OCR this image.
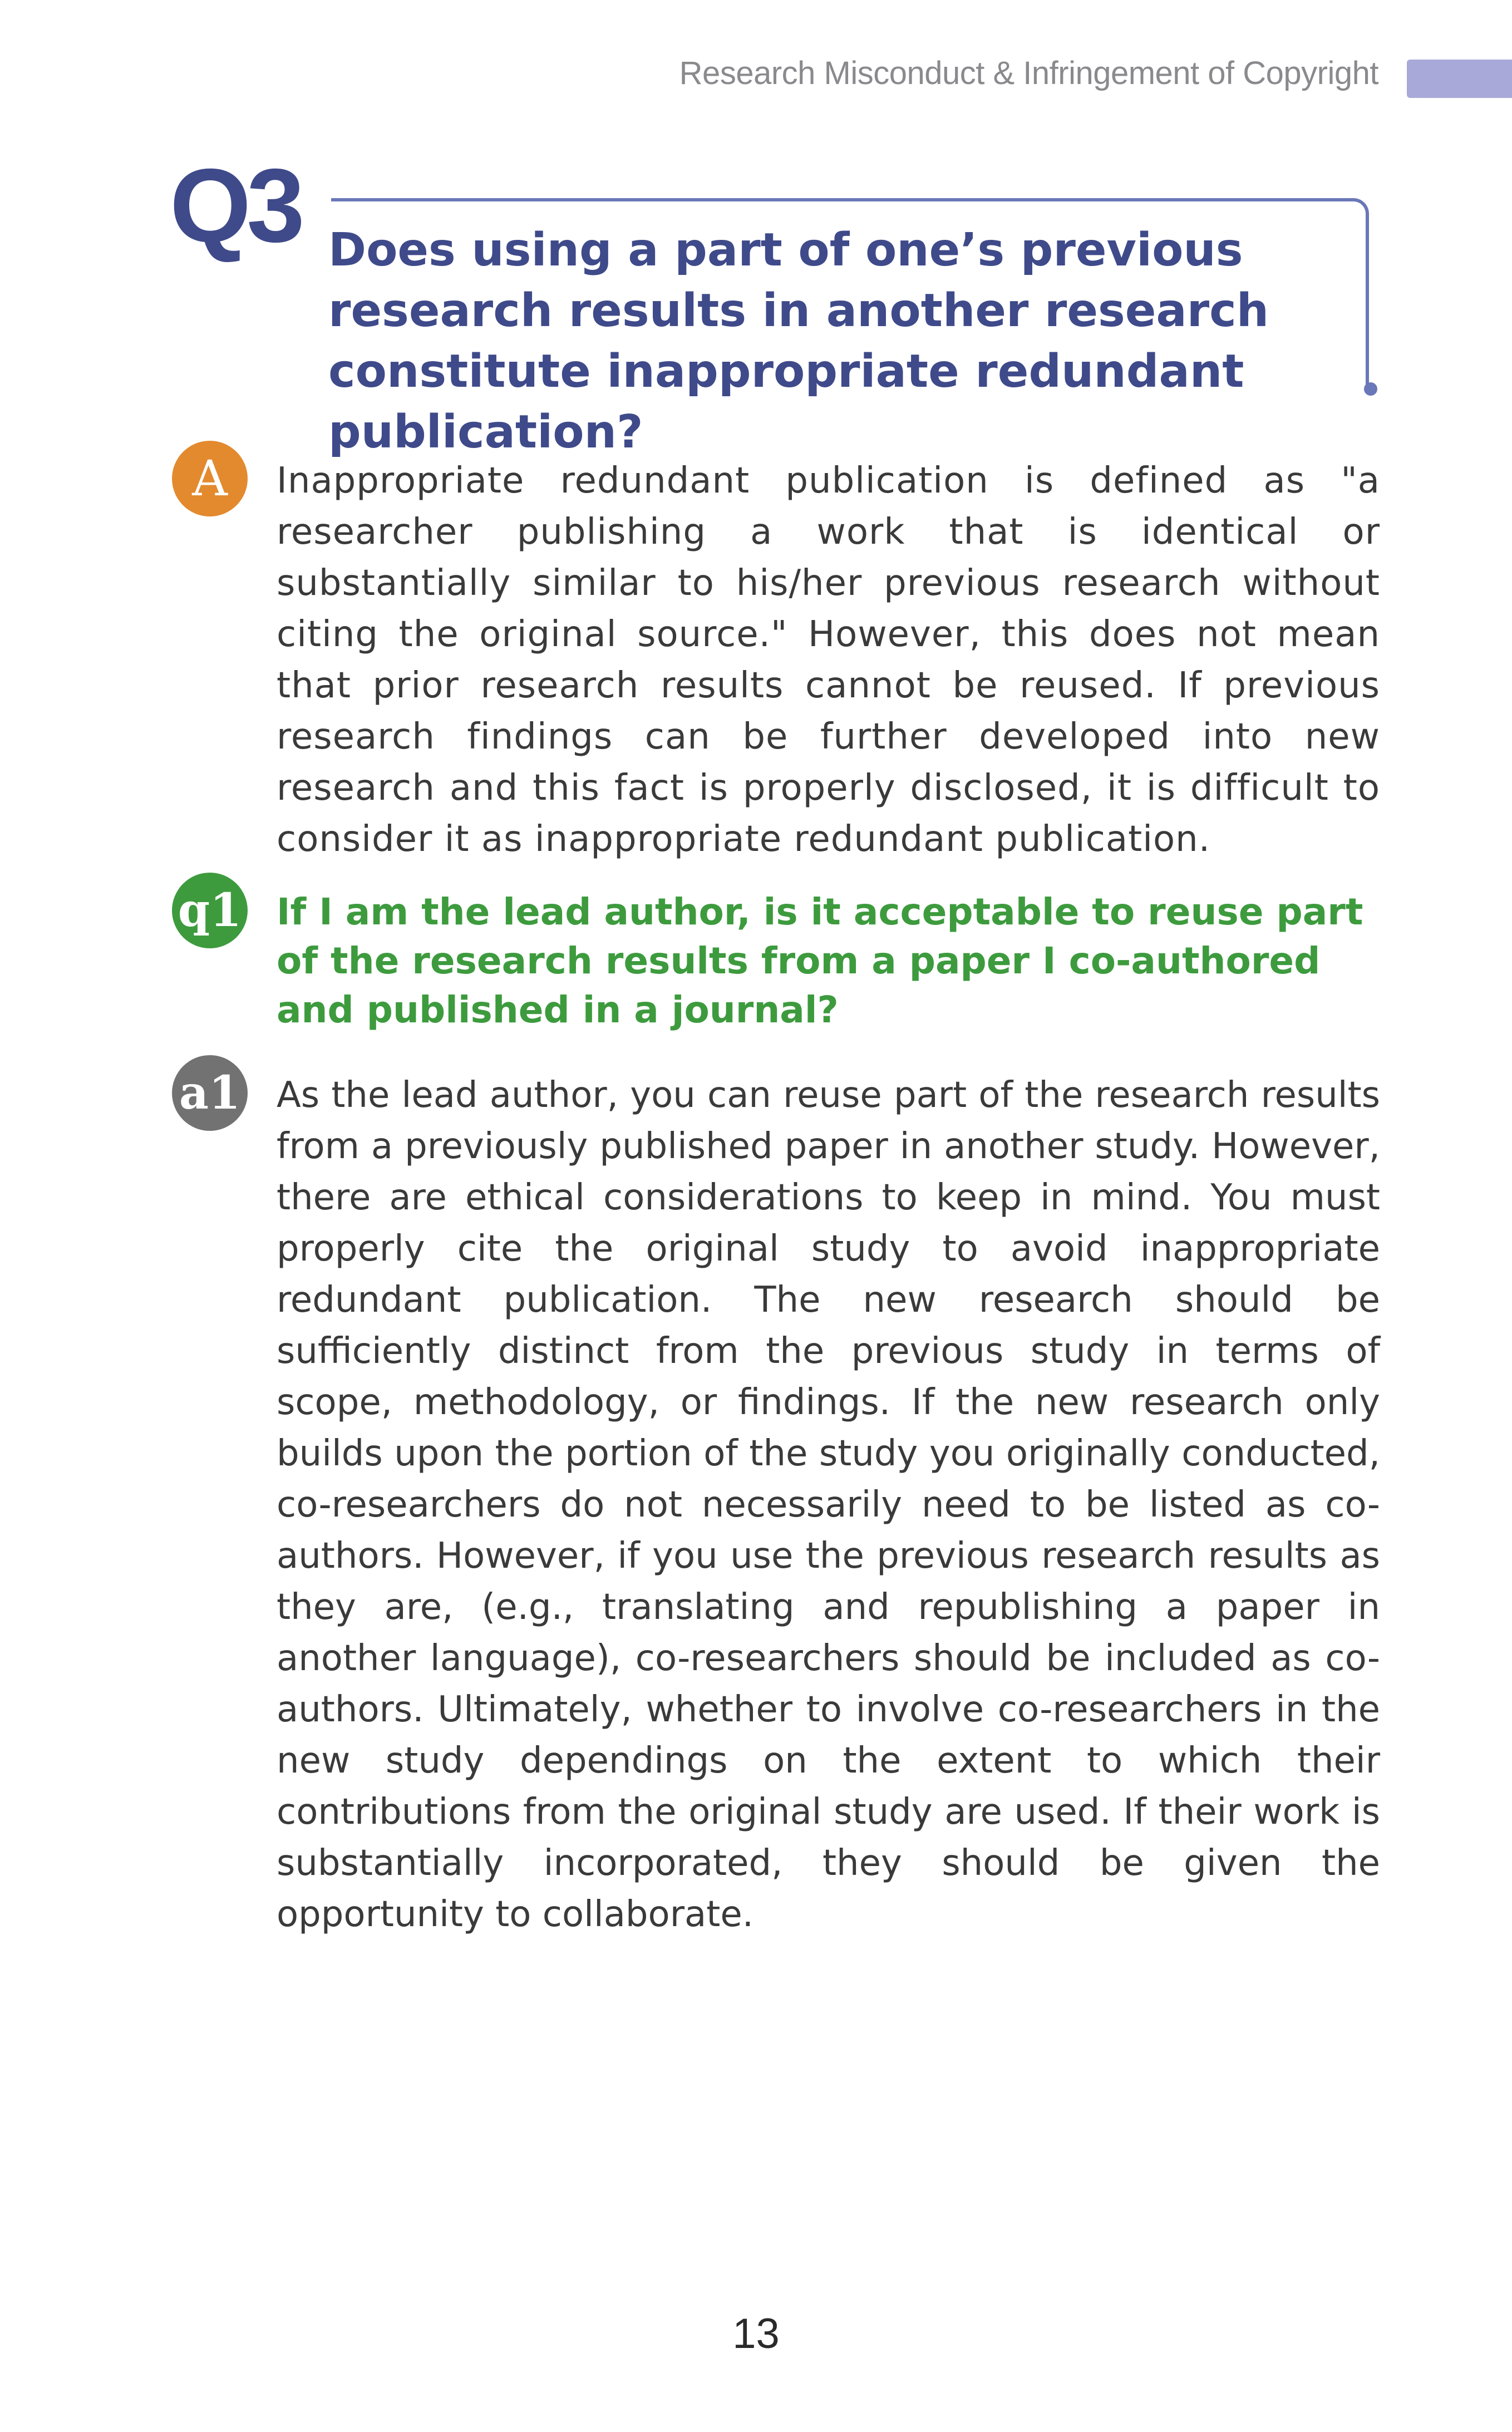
Research Misconduct & Infringement of Copyright
Q3 Does using a part of one’s previous research results in another research constitute inappropriate redundant publication?
A	Inappropriate redundant publication is defined as "a researcher publishing a work that is identical or substantially similar to his/her previous research without citing the original source." However, this does not mean that prior research results cannot be reused. If previous research findings can be further developed into new research and this fact is properly disclosed, it is difficult to consider it as inappropriate redundant publication.
q1 If I am the lead author, is it acceptable to reuse part of the research results from a paper I co-authored and published in a journal?
a1 As the lead author, you can reuse part of the research results from a previously published paper in another study. However, there are ethical considerations to keep in mind. You must properly cite the original study to avoid inappropriate redundant publication. The new research should be sufficiently distinct from the previous study in terms of scope, methodology, or findings. If the new research only builds upon the portion of the study you originally conducted, co-researchers do not necessarily need to be listed as co-authors. However, if you use the previous research results as they are, (e.g., translating and republishing a paper in another language), co-researchers should be included as co-authors. Ultimately, whether to involve co-researchers in the new study dependings on the extent to which their contributions from the original study are used. If their work is substantially incorporated, they should be given the opportunity to collaborate.
13
